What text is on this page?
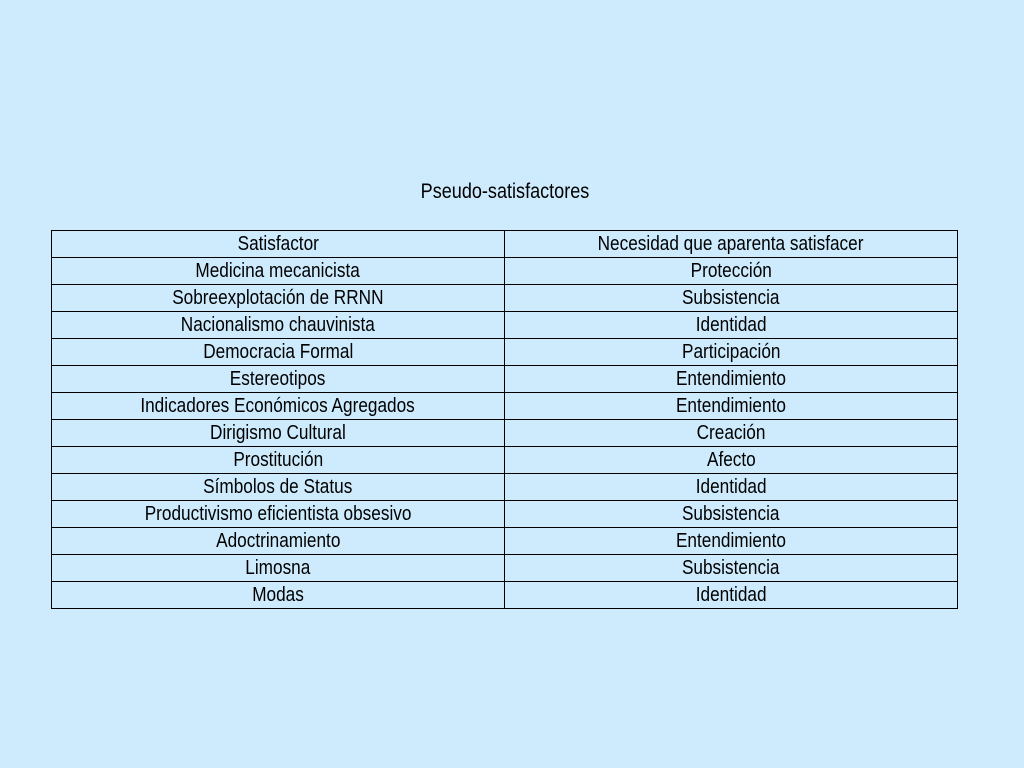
Pseudo-satisfactores
Satisfactor	Necesidad que aparenta satisfacer
Medicina mecanicista	Protección
Sobreexplotación de RRNN	Subsistencia
Nacionalismo chauvinista	Identidad
Democracia Formal	Participación
Estereotipos	Entendimiento
Indicadores Económicos Agregados	Entendimiento
Dirigismo Cultural	Creación
Prostitución	Afecto
Símbolos de Status	Identidad
Productivismo eficientista obsesivo	Subsistencia
Adoctrinamiento	Entendimiento
Limosna	Subsistencia
Modas	Identidad
